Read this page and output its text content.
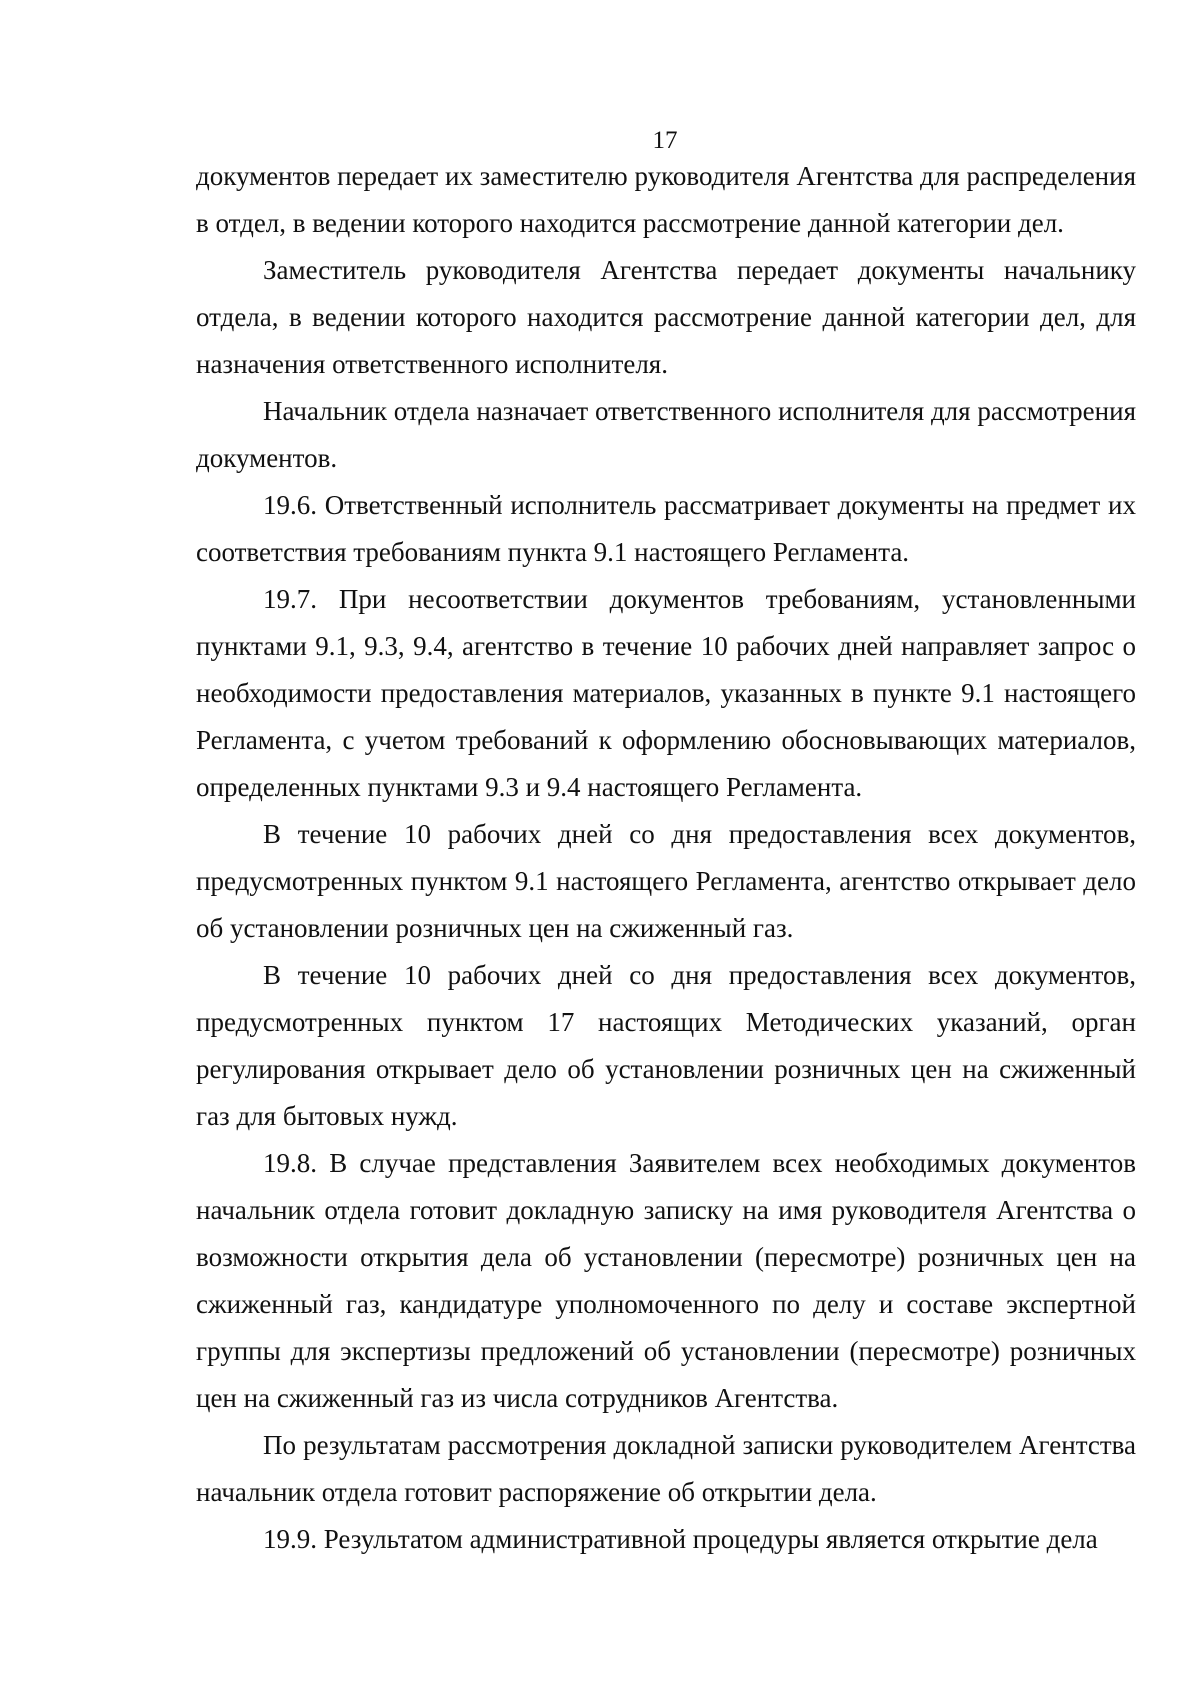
17

документов передает их заместителю руководителя Агентства для распределения в отдел, в ведении которого находится рассмотрение данной категории дел.

Заместитель руководителя Агентства передает документы начальнику отдела, в ведении которого находится рассмотрение данной категории дел, для назначения ответственного исполнителя.

Начальник отдела назначает ответственного исполнителя для рассмотрения документов.

19.6. Ответственный исполнитель рассматривает документы на предмет их соответствия требованиям пункта 9.1 настоящего Регламента.

19.7. При несоответствии документов требованиям, установленными пунктами 9.1, 9.3, 9.4, агентство в течение 10 рабочих дней направляет запрос о необходимости предоставления материалов, указанных в пункте 9.1 настоящего Регламента, с учетом требований к оформлению обосновывающих материалов, определенных пунктами 9.3 и 9.4 настоящего Регламента.

В течение 10 рабочих дней со дня предоставления всех документов, предусмотренных пунктом 9.1 настоящего Регламента, агентство открывает дело об установлении розничных цен на сжиженный газ.

В течение 10 рабочих дней со дня предоставления всех документов, предусмотренных пунктом 17 настоящих Методических указаний, орган регулирования открывает дело об установлении розничных цен на сжиженный газ для бытовых нужд.

19.8. В случае представления Заявителем всех необходимых документов начальник отдела готовит докладную записку на имя руководителя Агентства о возможности открытия дела об установлении (пересмотре) розничных цен на сжиженный газ, кандидатуре уполномоченного по делу и составе экспертной группы для экспертизы предложений об установлении (пересмотре) розничных цен на сжиженный газ из числа сотрудников Агентства.

По результатам рассмотрения докладной записки руководителем Агентства начальник отдела готовит распоряжение об открытии дела.

19.9. Результатом административной процедуры является открытие дела
